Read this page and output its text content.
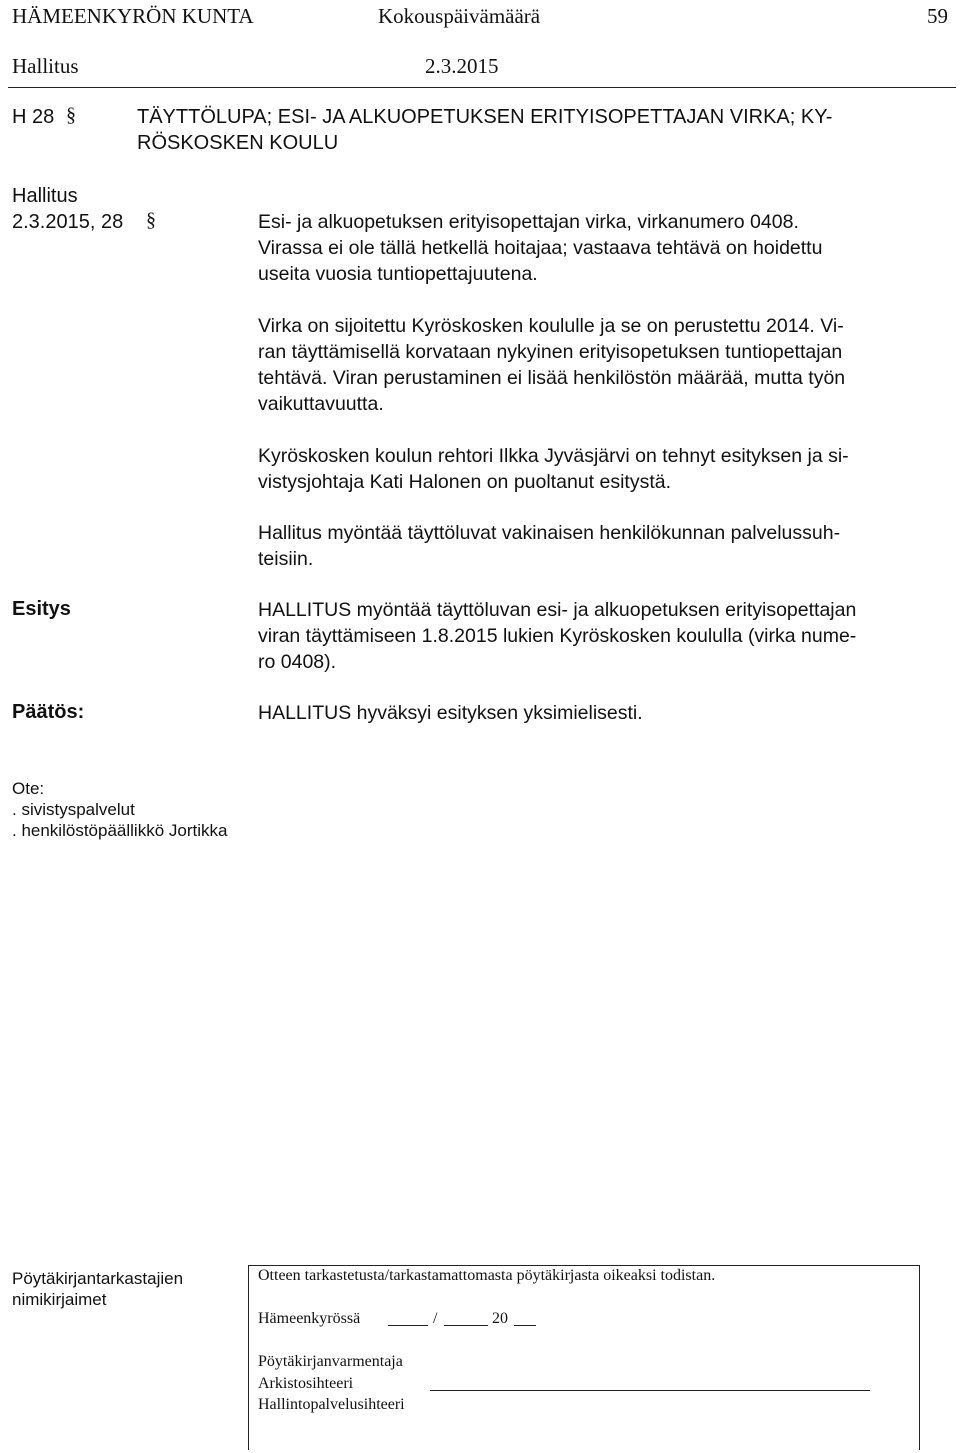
HÄMEENKYRÖN KUNTA	Kokouspäivämäärä	59
Hallitus	2.3.2015
H 28 §	TÄYTTÖLUPA; ESI- JA ALKUOPETUKSEN ERITYISOPETTAJAN VIRKA; KY-
RÖSKOSKEN KOULU
Hallitus
2.3.2015, 28 §	Esi- ja alkuopetuksen erityisopettajan virka, virkanumero 0408.
Virassa ei ole tällä hetkellä hoitajaa; vastaava tehtävä on hoidettu
useita vuosia tuntiopettajuutena.
Virka on sijoitettu Kyröskosken koululle ja se on perustettu 2014. Vi-
ran täyttämisellä korvataan nykyinen erityisopetuksen tuntiopettajan
tehtävä. Viran perustaminen ei lisää henkilöstön määrää, mutta työn
vaikuttavuutta.
Kyröskosken koulun rehtori Ilkka Jyväsjärvi on tehnyt esityksen ja si-
vistysjohtaja Kati Halonen on puoltanut esitystä.
Hallitus myöntää täyttöluvat vakinaisen henkilökunnan palvelussuh-
teisiin.
Esitys	HALLITUS myöntää täyttöluvan esi- ja alkuopetuksen erityisopettajan
viran täyttämiseen 1.8.2015 lukien Kyröskosken koululla (virka nume-
ro 0408).
Päätös:	HALLITUS hyväksyi esityksen yksimielisesti.
Ote:
. sivistyspalvelut
. henkilöstöpäällikkö Jortikka
Pöytäkirjantarkastajien
nimikirjaimet
Otteen tarkastetusta/tarkastamattomasta pöytäkirjasta oikeaksi todistan.
Hämeenkyrössä	/	20
Pöytäkirjanvarmentaja
Arkistosihteeri
Hallintopalvelusihteeri
